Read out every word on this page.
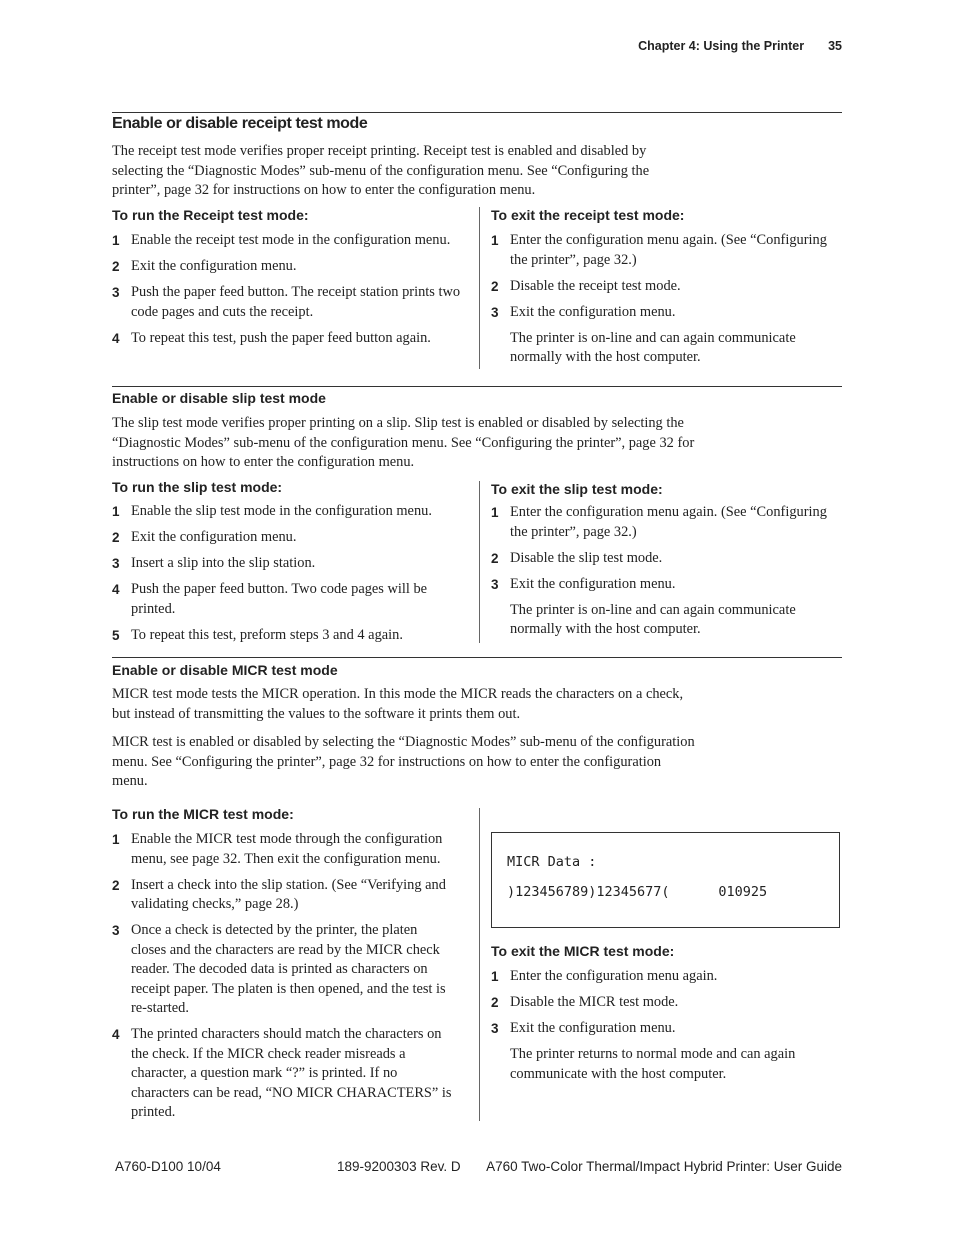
Chapter 4: Using the Printer 35
Enable or disable receipt test mode
The receipt test mode verifies proper receipt printing. Receipt test is enabled and disabled by selecting the “Diagnostic Modes” sub-menu of the configuration menu. See “Configuring the printer”, page 32 for instructions on how to enter the configuration menu.
To run the Receipt test mode:
1 Enable the receipt test mode in the configuration menu.
2 Exit the configuration menu.
3 Push the paper feed button. The receipt station prints two code pages and cuts the receipt.
4 To repeat this test, push the paper feed button again.
To exit the receipt test mode:
1 Enter the configuration menu again. (See “Configuring the printer”, page 32.)
2 Disable the receipt test mode.
3 Exit the configuration menu.
The printer is on-line and can again communicate normally with the host computer.
Enable or disable slip test mode
The slip test mode verifies proper printing on a slip. Slip test is enabled or disabled by selecting the “Diagnostic Modes” sub-menu of the configuration menu. See “Configuring the printer”, page 32 for instructions on how to enter the configuration menu.
To run the slip test mode:
1 Enable the slip test mode in the configuration menu.
2 Exit the configuration menu.
3 Insert a slip into the slip station.
4 Push the paper feed button. Two code pages will be printed.
5 To repeat this test, preform steps 3 and 4 again.
To exit the slip test mode:
1 Enter the configuration menu again. (See “Configuring the printer”, page 32.)
2 Disable the slip test mode.
3 Exit the configuration menu.
The printer is on-line and can again communicate normally with the host computer.
Enable or disable MICR test mode
MICR test mode tests the MICR operation. In this mode the MICR reads the characters on a check, but instead of transmitting the values to the software it prints them out.
MICR test is enabled or disabled by selecting the “Diagnostic Modes” sub-menu of the configuration menu. See “Configuring the printer”, page 32 for instructions on how to enter the configuration menu.
To run the MICR test mode:
1 Enable the MICR test mode through the configuration menu, see page 32. Then exit the configuration menu.
2 Insert a check into the slip station. (See “Verifying and validating checks,” page 28.)
3 Once a check is detected by the printer, the platen closes and the characters are read by the MICR check reader. The decoded data is printed as characters on receipt paper. The platen is then opened, and the test is re-started.
4 The printed characters should match the characters on the check. If the MICR check reader misreads a character, a question mark “?” is printed. If no characters can be read, “NO MICR CHARACTERS” is printed.
MICR Data :
)123456789)12345677(      010925
To exit the MICR test mode:
1 Enter the configuration menu again.
2 Disable the MICR test mode.
3 Exit the configuration menu.
The printer returns to normal mode and can again communicate with the host computer.
A760-D100 10/04	189-9200303 Rev. D A760 Two-Color Thermal/Impact Hybrid Printer: User Guide
